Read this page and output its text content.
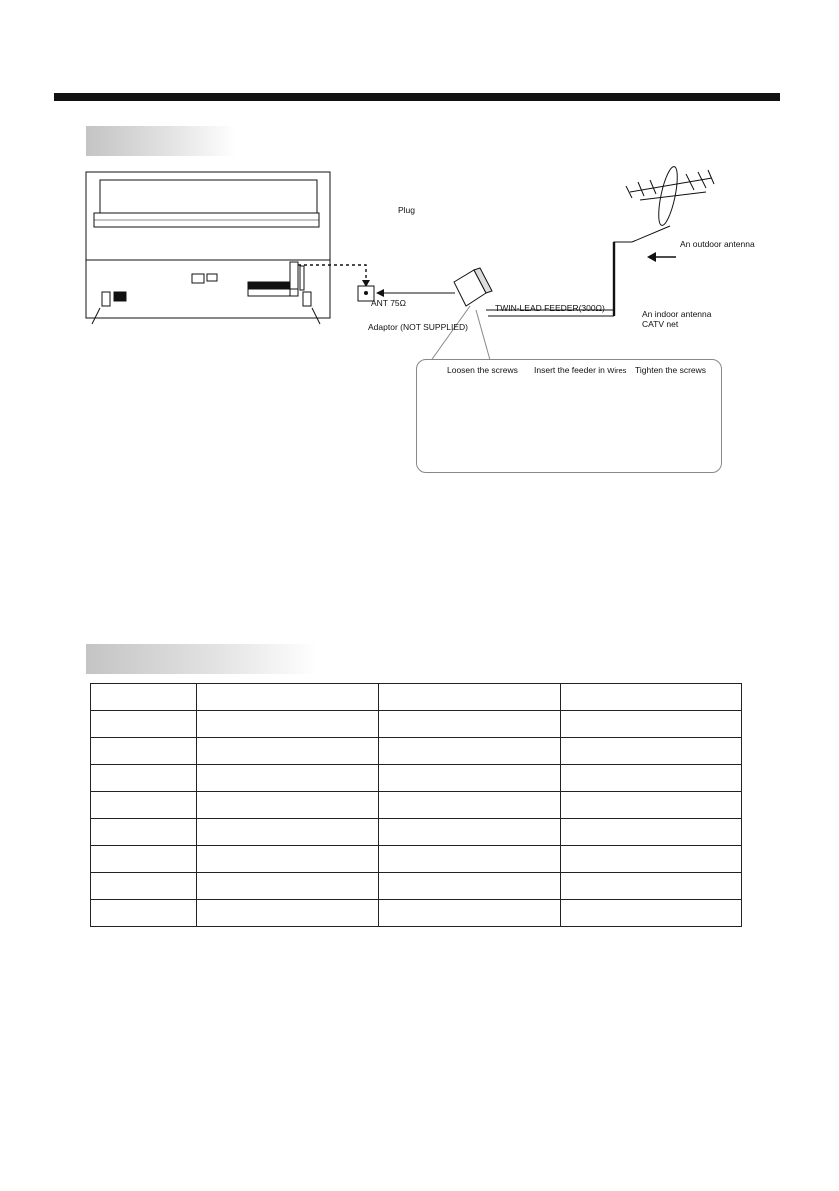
Plug
An outdoor antenna
ANT 75Ω	TWIN-LEAD FEEDER(300Ω)
An indoor antenna
CATV net
Adaptor (NOT SUPPLIED)
Loosen the screws Insert the feeder in Wires Tighten the screws
